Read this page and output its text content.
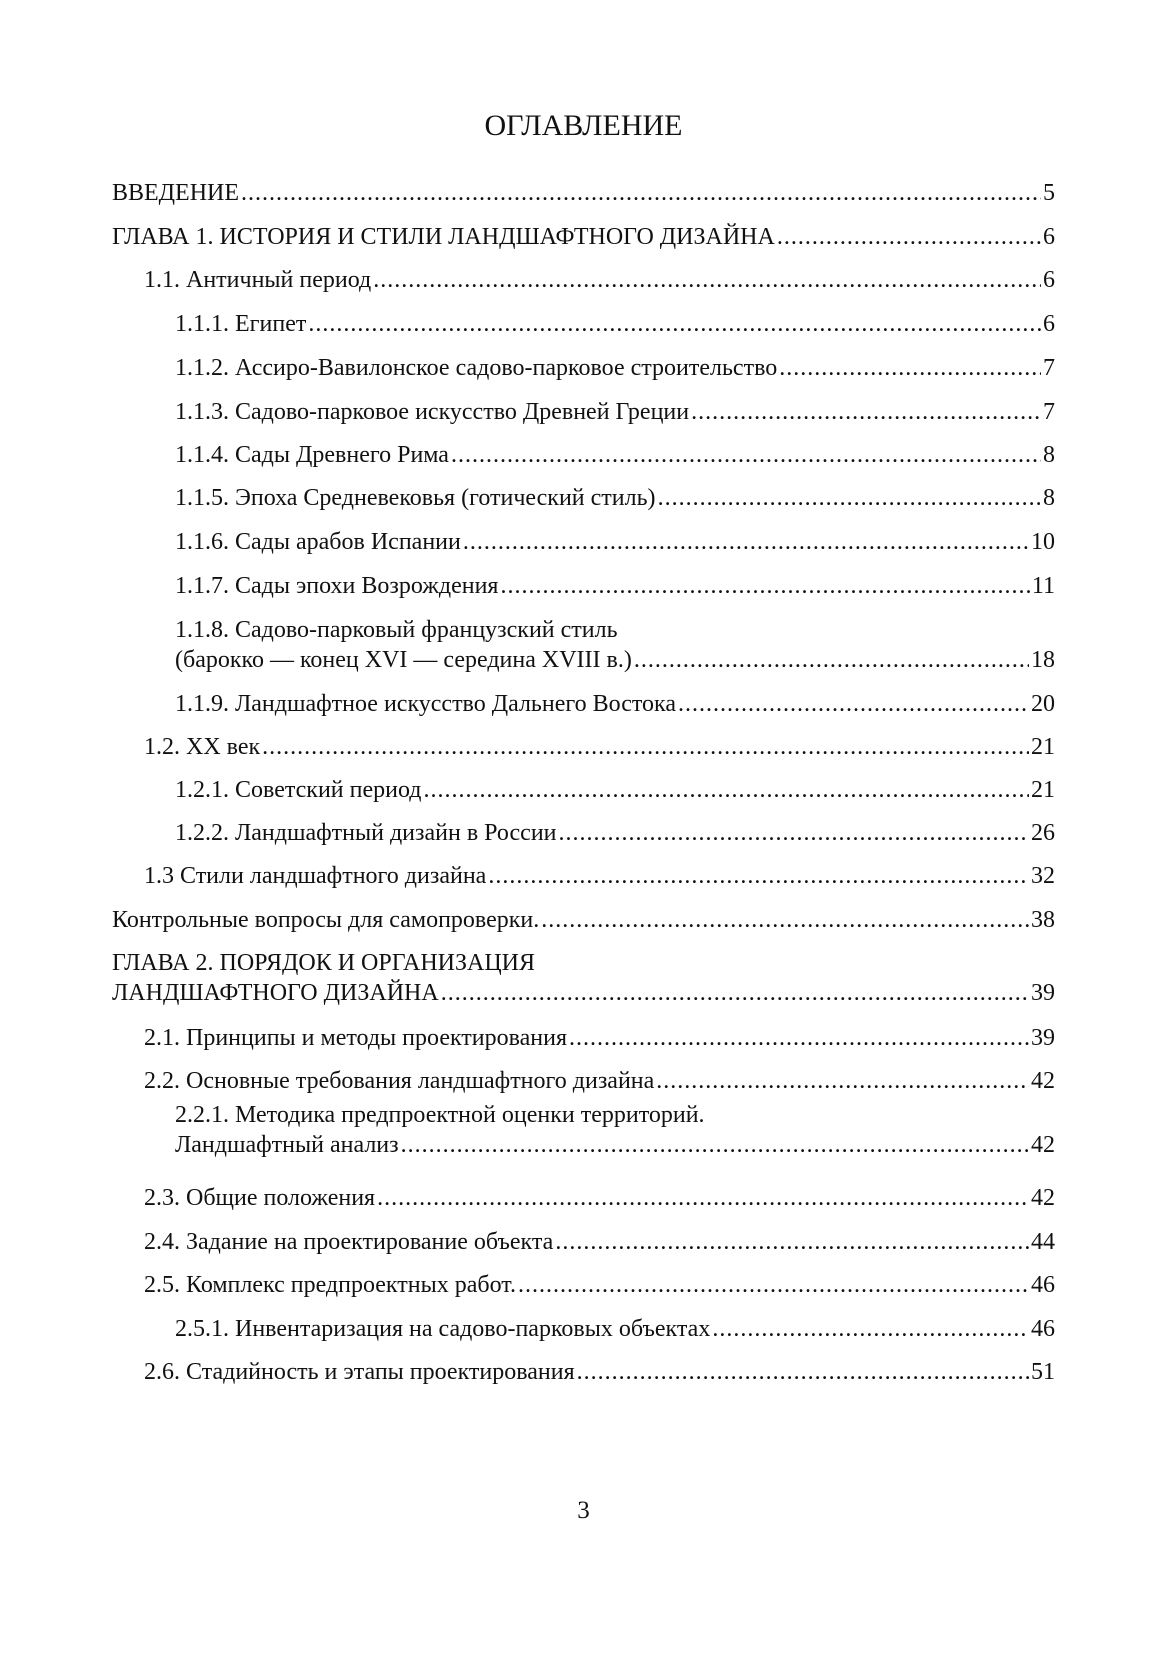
ОГЛАВЛЕНИЕ
ВВЕДЕНИЕ .....	5
ГЛАВА 1. ИСТОРИЯ И СТИЛИ ЛАНДШАФТНОГО ДИЗАЙНА .....	6
1.1. Античный период .....	6
1.1.1. Египет .....	6
1.1.2. Ассиро-Вавилонское садово-парковое строительство .....	7
1.1.3. Садово-парковое искусство Древней Греции .....	7
1.1.4. Сады Древнего Рима .....	8
1.1.5. Эпоха Средневековья (готический стиль) .....	8
1.1.6. Сады арабов Испании .....	10
1.1.7. Сады эпохи Возрождения .....	11
1.1.8. Садово-парковый французский стиль
(барокко — конец XVI — середина XVIII в.) .....	18
1.1.9. Ландшафтное искусство Дальнего Востока .....	20
1.2. XX век .....	21
1.2.1. Советский период .....	21
1.2.2. Ландшафтный дизайн в России .....	26
1.3 Стили ландшафтного дизайна .....	32
Контрольные вопросы для самопроверки. .....	38
ГЛАВА 2. ПОРЯДОК И ОРГАНИЗАЦИЯ
ЛАНДШАФТНОГО ДИЗАЙНА .....	39
2.1. Принципы и методы проектирования .....	39
2.2. Основные требования ландшафтного дизайна .....	42
2.2.1. Методика предпроектной оценки территорий.
Ландшафтный анализ .....	42
2.3. Общие положения .....	42
2.4. Задание на проектирование объекта .....	44
2.5. Комплекс предпроектных работ. .....	46
2.5.1. Инвентаризация на садово-парковых объектах .....	46
2.6. Стадийность и этапы проектирования .....	51
3
